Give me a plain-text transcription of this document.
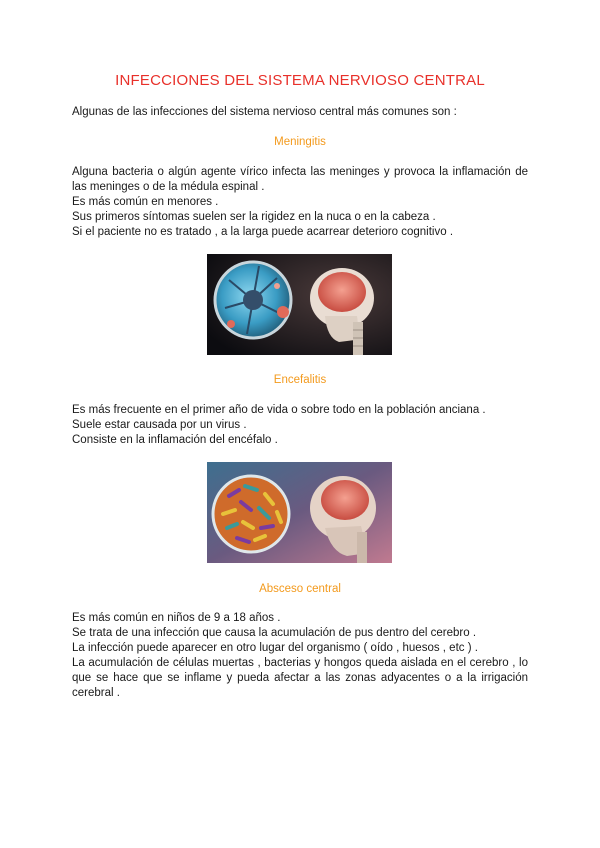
INFECCIONES DEL SISTEMA NERVIOSO CENTRAL
Algunas de las infecciones del sistema nervioso central más comunes son :
Meningitis
Alguna bacteria o algún agente vírico infecta las meninges y provoca la inflamación de las meninges o de la médula espinal .
Es más común en menores .
Sus primeros síntomas suelen ser la rigidez en la nuca o en la cabeza .
Si el paciente no es tratado , a la larga puede acarrear deterioro cognitivo .
Encefalitis
Es más frecuente en el primer año de vida o sobre todo en la población anciana .
Suele estar causada por un virus .
Consiste en la inflamación del encéfalo .
Absceso central
Es más común en niños de 9 a 18 años .
Se trata de una infección que causa la acumulación de pus dentro del cerebro .
La infección puede aparecer en otro lugar del organismo ( oído , huesos , etc ) .
La acumulación de células muertas , bacterias y hongos queda aislada en el cerebro , lo que se hace que se inflame y pueda afectar a las zonas adyacentes o a la irrigación cerebral .
